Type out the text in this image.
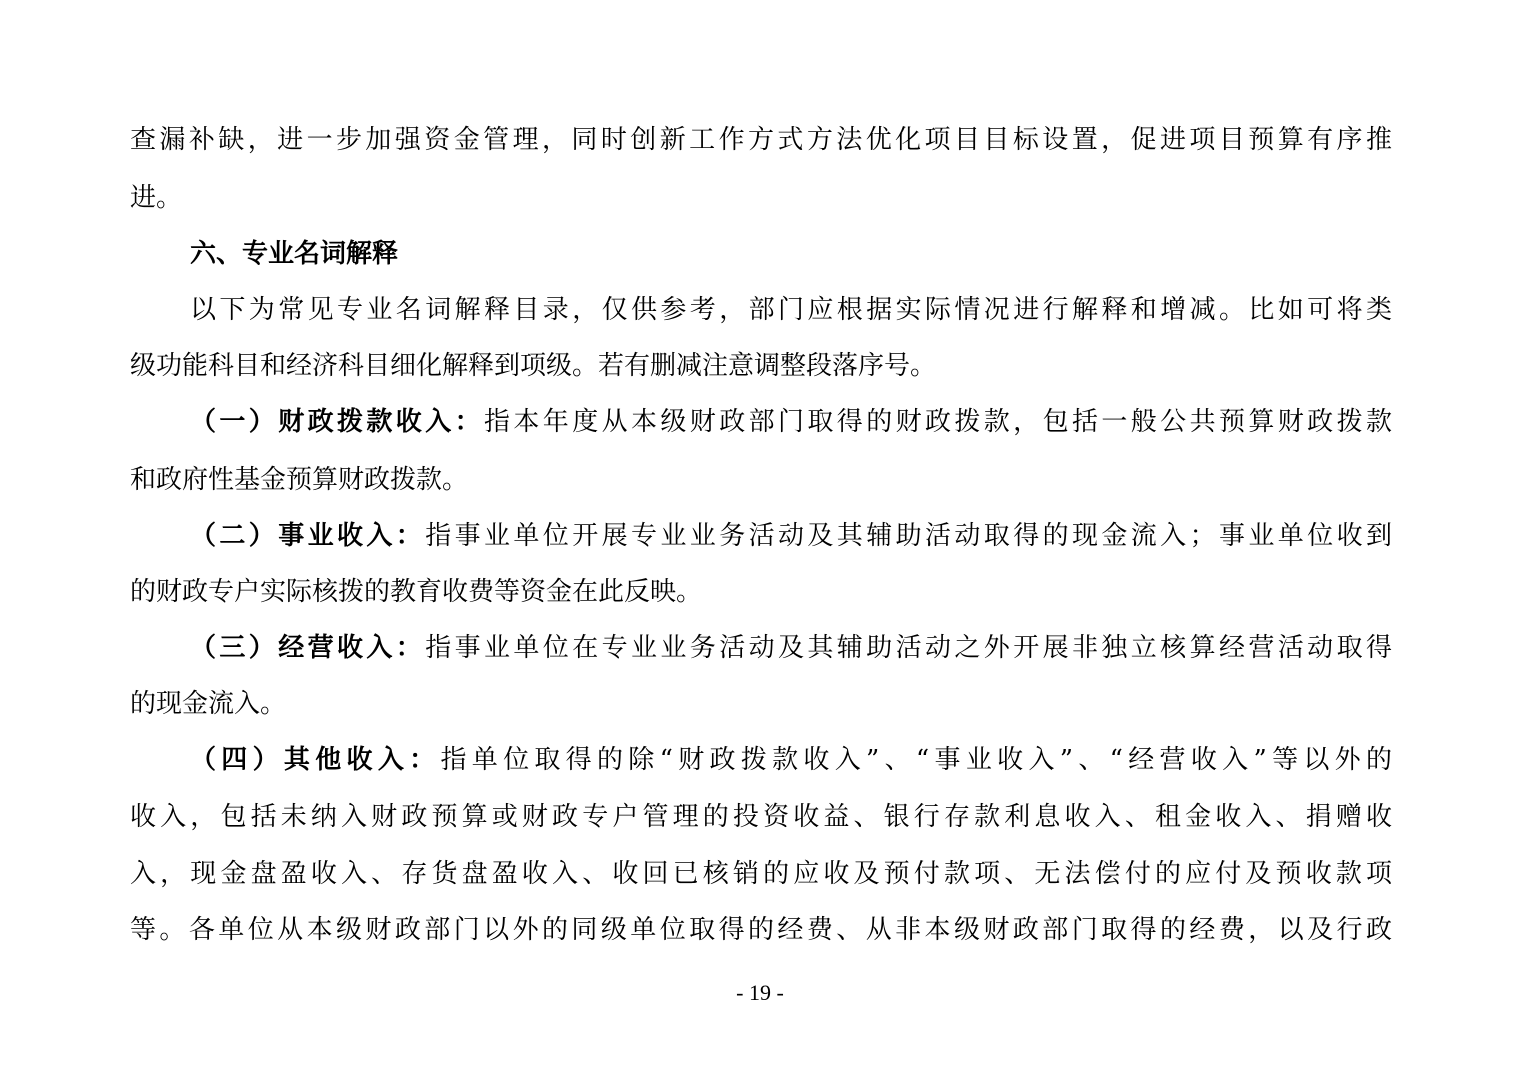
查漏补缺，进一步加强资金管理，同时创新工作方式方法优化项目目标设置，促进项目预算有序推
进。
六、专业名词解释
以下为常见专业名词解释目录，仅供参考，部门应根据实际情况进行解释和增减。比如可将类
级功能科目和经济科目细化解释到项级。若有删减注意调整段落序号。
（一）财政拨款收入：指本年度从本级财政部门取得的财政拨款，包括一般公共预算财政拨款
和政府性基金预算财政拨款。
（二）事业收入：指事业单位开展专业业务活动及其辅助活动取得的现金流入；事业单位收到
的财政专户实际核拨的教育收费等资金在此反映。
（三）经营收入：指事业单位在专业业务活动及其辅助活动之外开展非独立核算经营活动取得
的现金流入。
（四）其他收入：指单位取得的除“财政拨款收入”、“事业收入”、“经营收入”等以外的
收入，包括未纳入财政预算或财政专户管理的投资收益、银行存款利息收入、租金收入、捐赠收
入，现金盘盈收入、存货盘盈收入、收回已核销的应收及预付款项、无法偿付的应付及预收款项
等。各单位从本级财政部门以外的同级单位取得的经费、从非本级财政部门取得的经费，以及行政
- 19 -
